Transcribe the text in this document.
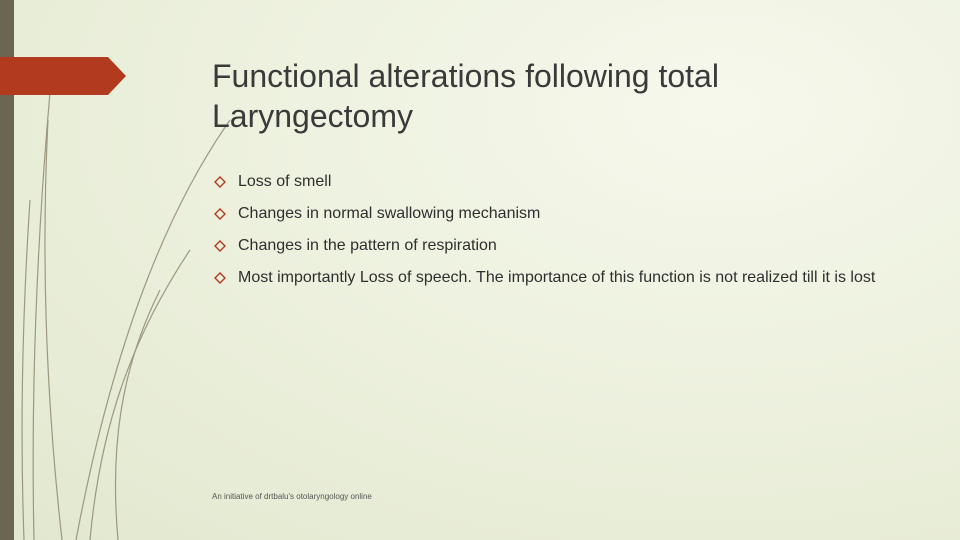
Functional alterations following total Laryngectomy
Loss of smell
Changes in normal swallowing mechanism
Changes in the pattern of respiration
Most importantly Loss of speech. The importance of this function is not realized till it is lost
An initiative of drtbalu's otolaryngology online
